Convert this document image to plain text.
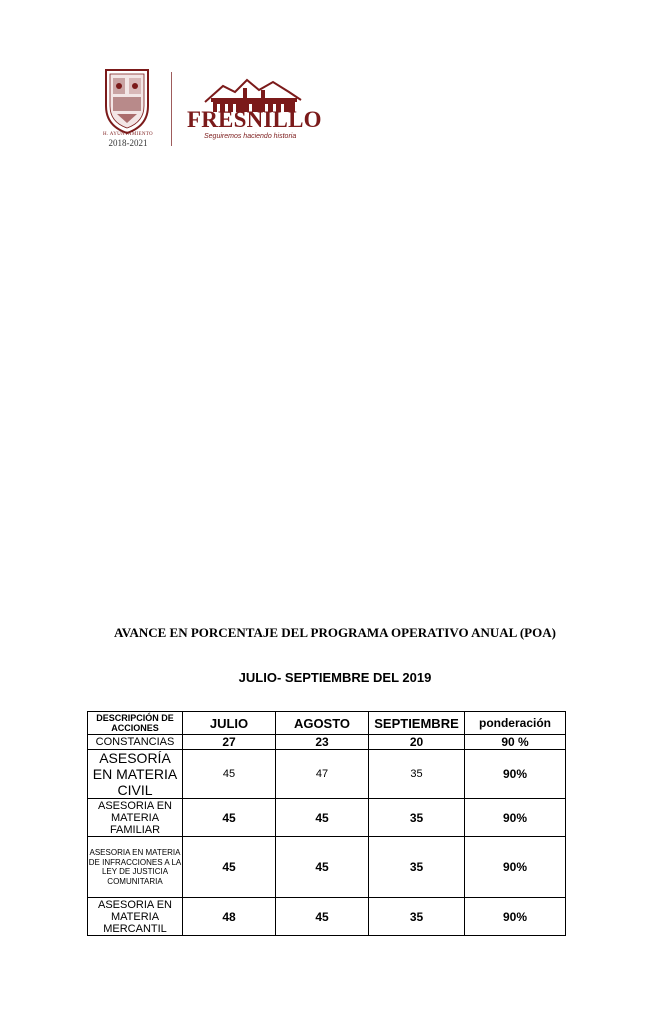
H. AYUNTAMIENTO
2018-2021
FRESNILLO
Seguiremos haciendo historia
AVANCE EN PORCENTAJE DEL PROGRAMA OPERATIVO ANUAL (POA)
JULIO- SEPTIEMBRE DEL 2019
DESCRIPCIÓN DE ACCIONES	JULIO	AGOSTO	SEPTIEMBRE	ponderación
CONSTANCIAS	27	23	20	90 %
ASESORÍA EN MATERIA CIVIL	45	47	35	90%
ASESORIA EN MATERIA FAMILIAR	45	45	35	90%
ASESORIA EN MATERIA DE INFRACCIONES A LA LEY DE JUSTICIA COMUNITARIA	45	45	35	90%
ASESORIA EN MATERIA MERCANTIL	48	45	35	90%
